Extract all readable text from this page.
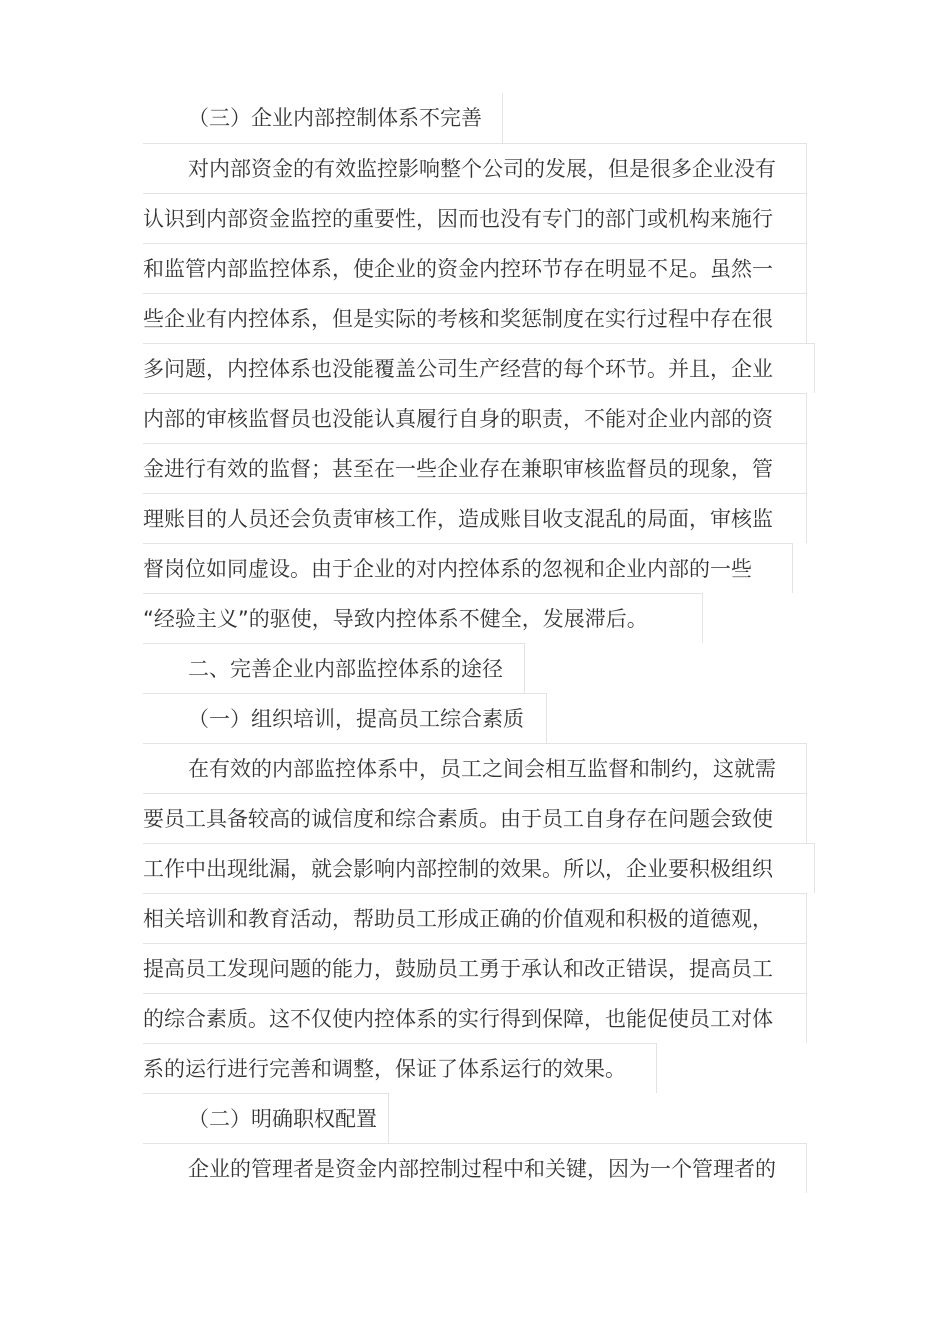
（三）企业内部控制体系不完善
对内部资金的有效监控影响整个公司的发展，但是很多企业没有
认识到内部资金监控的重要性，因而也没有专门的部门或机构来施行
和监管内部监控体系，使企业的资金内控环节存在明显不足。虽然一
些企业有内控体系，但是实际的考核和奖惩制度在实行过程中存在很
多问题，内控体系也没能覆盖公司生产经营的每个环节。并且，企业
内部的审核监督员也没能认真履行自身的职责，不能对企业内部的资
金进行有效的监督；甚至在一些企业存在兼职审核监督员的现象，管
理账目的人员还会负责审核工作，造成账目收支混乱的局面，审核监
督岗位如同虚设。由于企业的对内控体系的忽视和企业内部的一些
“经验主义”的驱使，导致内控体系不健全，发展滞后。
二、完善企业内部监控体系的途径
（一）组织培训，提高员工综合素质
在有效的内部监控体系中，员工之间会相互监督和制约，这就需
要员工具备较高的诚信度和综合素质。由于员工自身存在问题会致使
工作中出现纰漏，就会影响内部控制的效果。所以，企业要积极组织
相关培训和教育活动，帮助员工形成正确的价值观和积极的道德观，
提高员工发现问题的能力，鼓励员工勇于承认和改正错误，提高员工
的综合素质。这不仅使内控体系的实行得到保障，也能促使员工对体
系的运行进行完善和调整，保证了体系运行的效果。
（二）明确职权配置
企业的管理者是资金内部控制过程中和关键，因为一个管理者的
